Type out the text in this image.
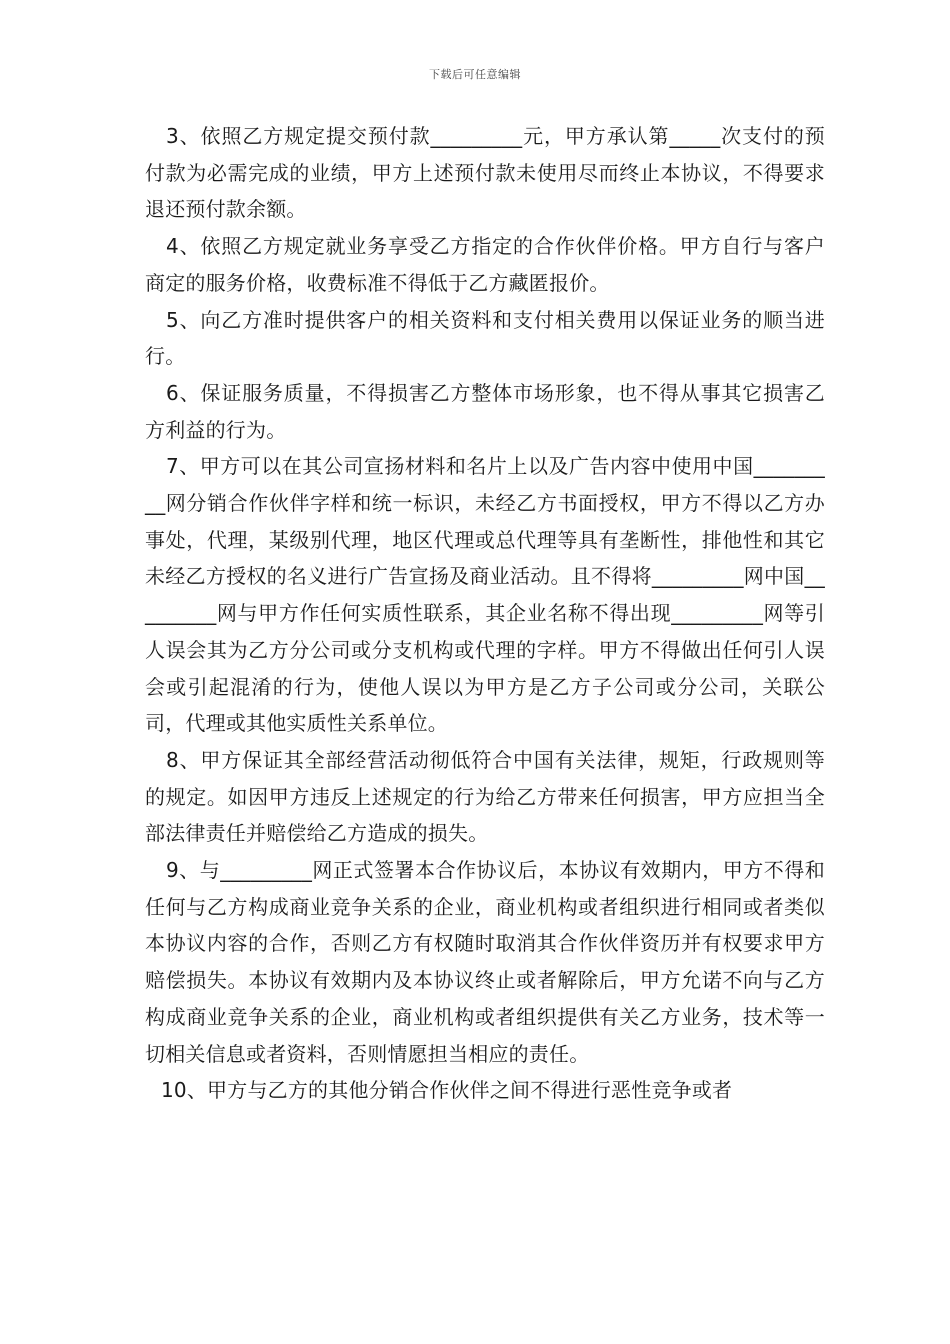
下载后可任意编辑

3、依照乙方规定提交预付款_________元，甲方承认第_____次支付的预付款为必需完成的业绩，甲方上述预付款未使用尽而终止本协议，不得要求退还预付款余额。

4、依照乙方规定就业务享受乙方指定的合作伙伴价格。甲方自行与客户商定的服务价格，收费标准不得低于乙方藏匿报价。

5、向乙方准时提供客户的相关资料和支付相关费用以保证业务的顺当进行。

6、保证服务质量，不得损害乙方整体市场形象，也不得从事其它损害乙方利益的行为。

7、甲方可以在其公司宣扬材料和名片上以及广告内容中使用中国_________网分销合作伙伴字样和统一标识，未经乙方书面授权，甲方不得以乙方办事处，代理，某级别代理，地区代理或总代理等具有垄断性，排他性和其它未经乙方授权的名义进行广告宣扬及商业活动。且不得将_________网中国_________网与甲方作任何实质性联系，其企业名称不得出现_________网等引人误会其为乙方分公司或分支机构或代理的字样。甲方不得做出任何引人误会或引起混淆的行为，使他人误以为甲方是乙方子公司或分公司，关联公司，代理或其他实质性关系单位。

8、甲方保证其全部经营活动彻低符合中国有关法律，规矩，行政规则等的规定。如因甲方违反上述规定的行为给乙方带来任何损害，甲方应担当全部法律责任并赔偿给乙方造成的损失。

9、与_________网正式签署本合作协议后，本协议有效期内，甲方不得和任何与乙方构成商业竞争关系的企业，商业机构或者组织进行相同或者类似本协议内容的合作，否则乙方有权随时取消其合作伙伴资历并有权要求甲方赔偿损失。本协议有效期内及本协议终止或者解除后，甲方允诺不向与乙方构成商业竞争关系的企业，商业机构或者组织提供有关乙方业务，技术等一切相关信息或者资料，否则情愿担当相应的责任。

10、甲方与乙方的其他分销合作伙伴之间不得进行恶性竞争或者
